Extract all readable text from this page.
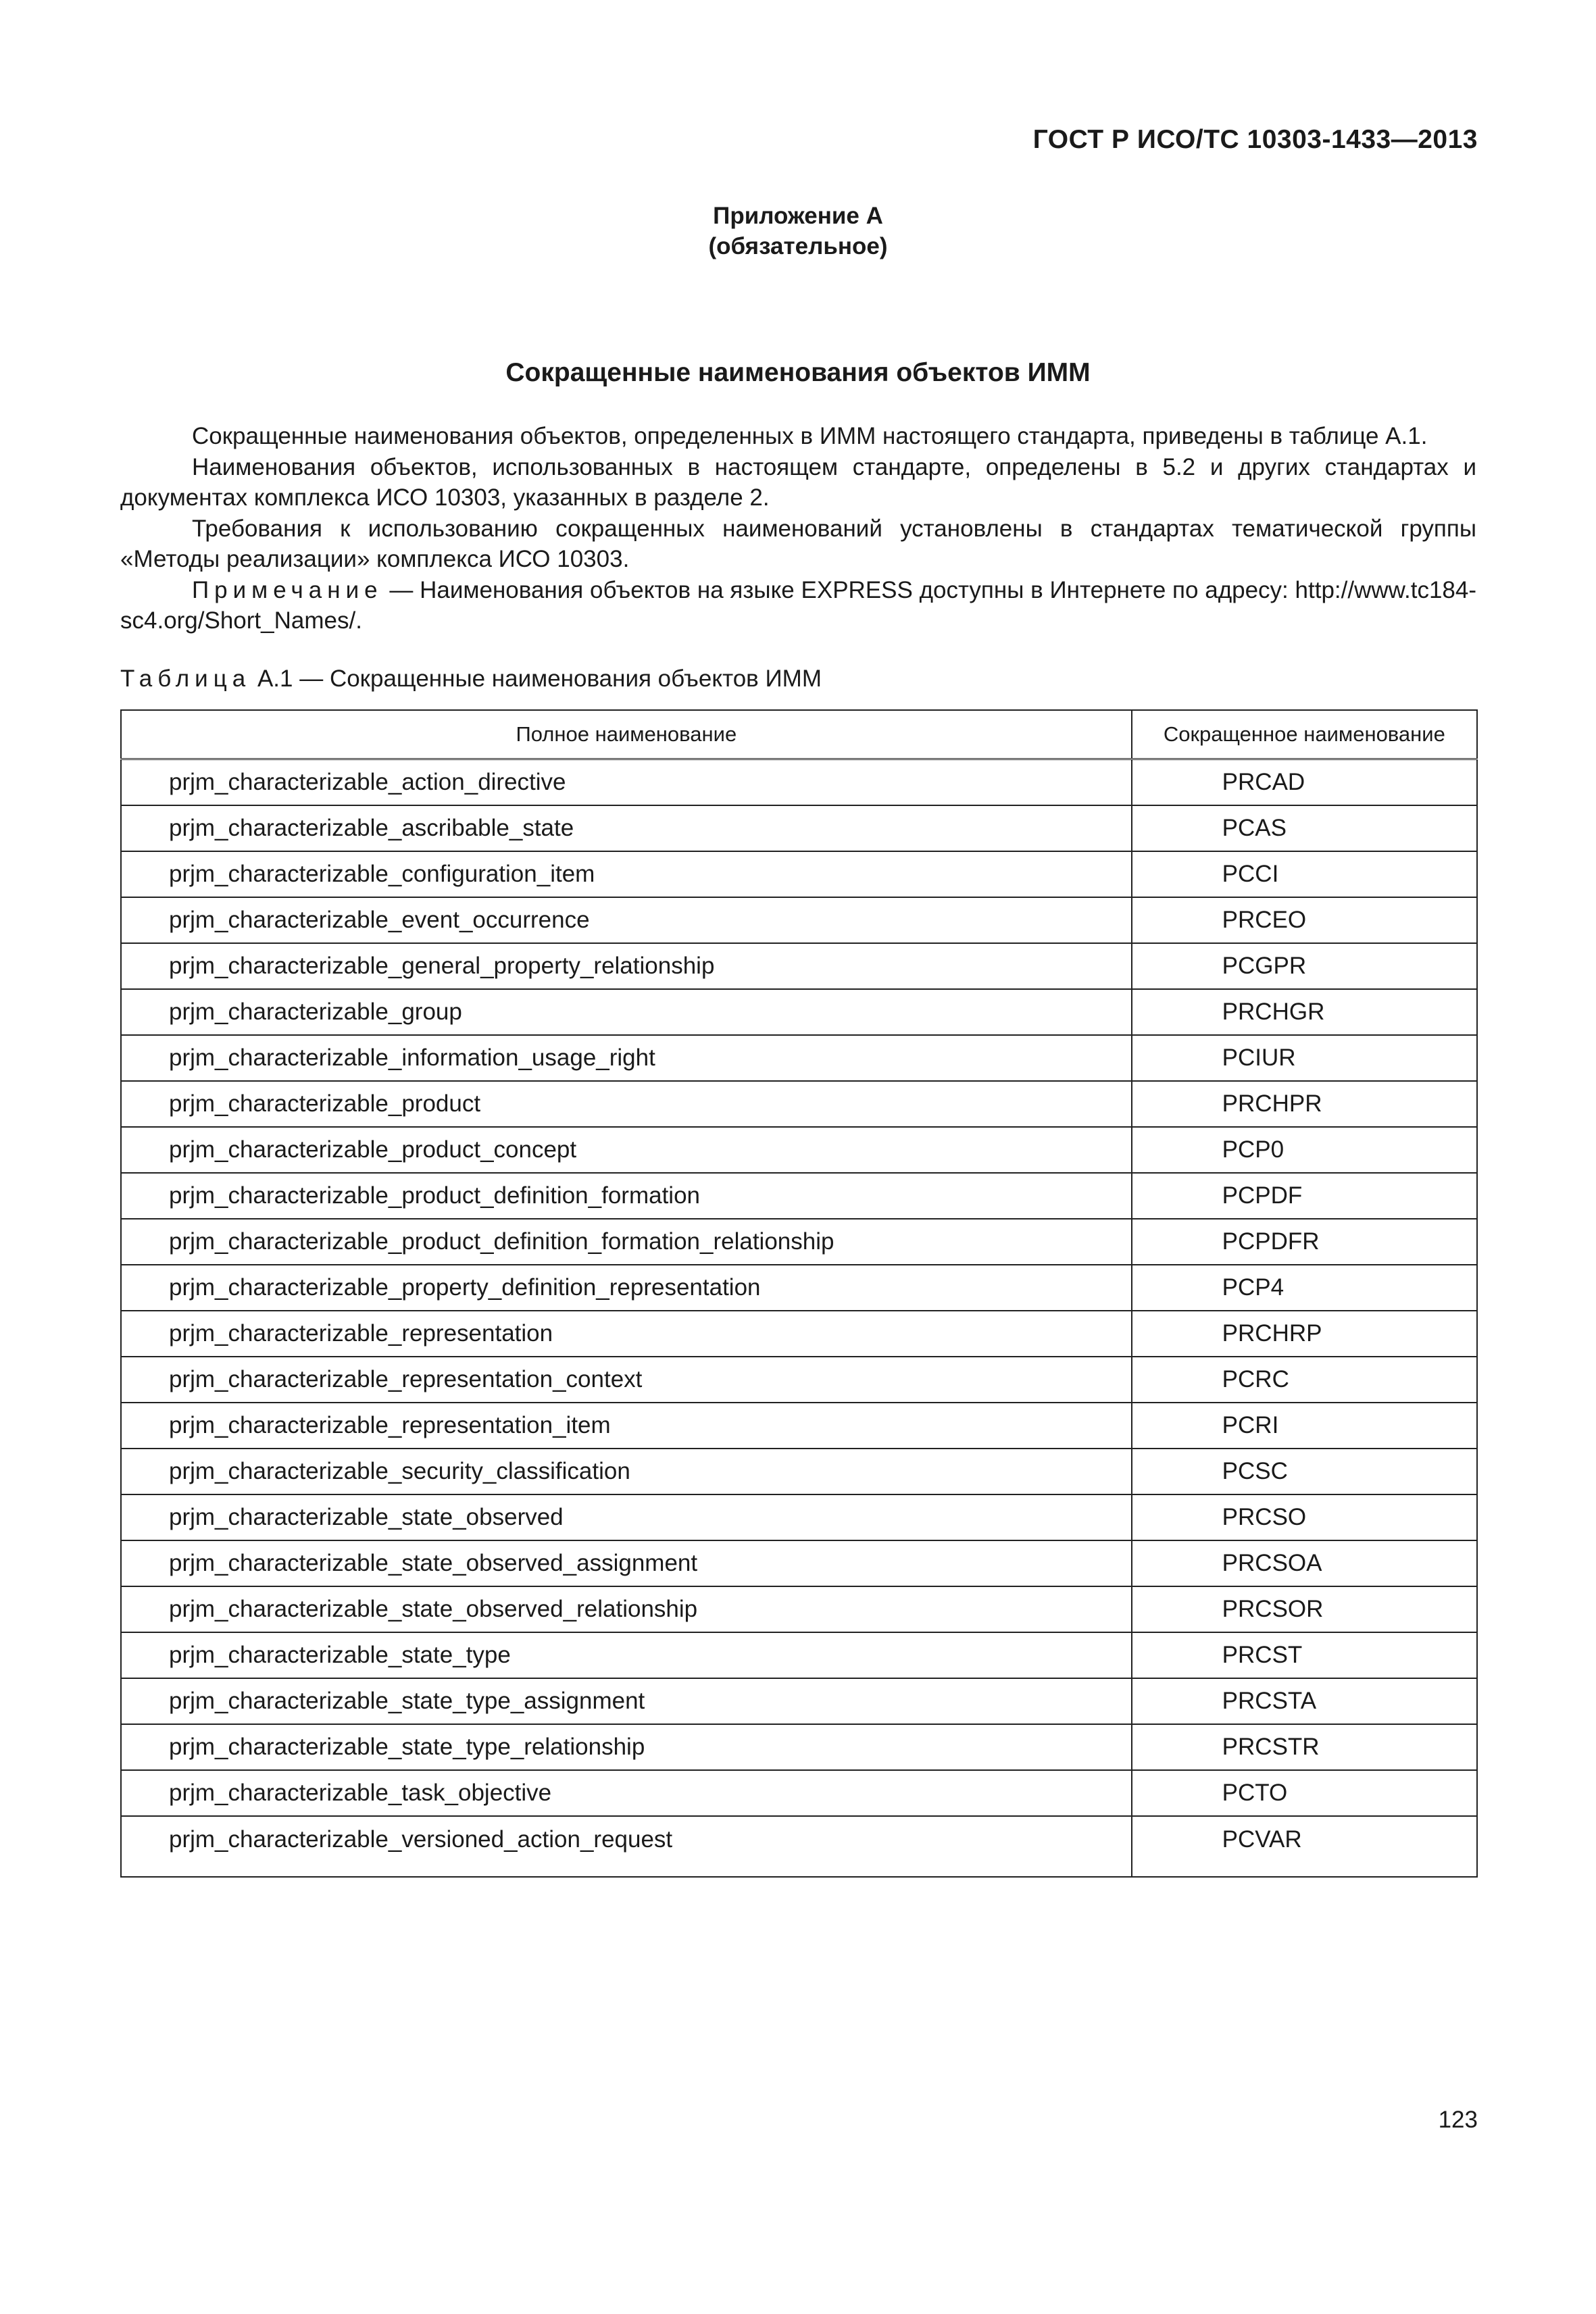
ГОСТ Р ИСО/ТС 10303-1433—2013
Приложение А
(обязательное)
Сокращенные наименования объектов ИММ

Сокращенные наименования объектов, определенных в ИММ настоящего стандарта, приведены в таблице А.1.

Наименования объектов, использованных в настоящем стандарте, определены в 5.2 и других стандартах и документах комплекса ИСО 10303, указанных в разделе 2.

Требования к использованию сокращенных наименований установлены в стандартах тематической группы «Методы реализации» комплекса ИСО 10303.

Примечание — Наименования объектов на языке EXPRESS доступны в Интернете по адресу: http://www.tc184-sc4.org/Short_Names/.

Таблица А.1 — Сокращенные наименования объектов ИММ
Полное наименование	Сокращенное наименование
prjm_characterizable_action_directive	PRCAD
prjm_characterizable_ascribable_state	PCAS
prjm_characterizable_configuration_item	PCCI
prjm_characterizable_event_occurrence	PRCEO
prjm_characterizable_general_property_relationship	PCGPR
prjm_characterizable_group	PRCHGR
prjm_characterizable_information_usage_right	PCIUR
prjm_characterizable_product	PRCHPR
prjm_characterizable_product_concept	PCP0
prjm_characterizable_product_definition_formation	PCPDF
prjm_characterizable_product_definition_formation_relationship	PCPDFR
prjm_characterizable_property_definition_representation	PCP4
prjm_characterizable_representation	PRCHRP
prjm_characterizable_representation_context	PCRC
prjm_characterizable_representation_item	PCRI
prjm_characterizable_security_classification	PCSC
prjm_characterizable_state_observed	PRCSO
prjm_characterizable_state_observed_assignment	PRCSOA
prjm_characterizable_state_observed_relationship	PRCSOR
prjm_characterizable_state_type	PRCST
prjm_characterizable_state_type_assignment	PRCSTA
prjm_characterizable_state_type_relationship	PRCSTR
prjm_characterizable_task_objective	PCTO
prjm_characterizable_versioned_action_request	PCVAR
123
